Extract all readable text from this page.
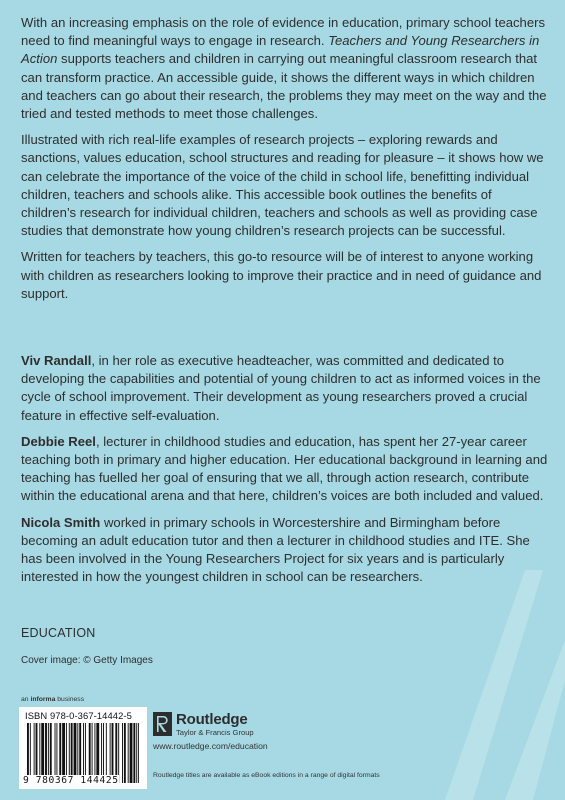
With an increasing emphasis on the role of evidence in education, primary school teachers need to find meaningful ways to engage in research. Teachers and Young Researchers in Action supports teachers and children in carrying out meaningful classroom research that can transform practice. An accessible guide, it shows the different ways in which children and teachers can go about their research, the problems they may meet on the way and the tried and tested methods to meet those challenges.

Illustrated with rich real-life examples of research projects – exploring rewards and sanctions, values education, school structures and reading for pleasure – it shows how we can celebrate the importance of the voice of the child in school life, benefitting individual children, teachers and schools alike. This accessible book outlines the benefits of children’s research for individual children, teachers and schools as well as providing case studies that demonstrate how young children’s research projects can be successful.

Written for teachers by teachers, this go-to resource will be of interest to anyone working with children as researchers looking to improve their practice and in need of guidance and support.

Viv Randall, in her role as executive headteacher, was committed and dedicated to developing the capabilities and potential of young children to act as informed voices in the cycle of school improvement. Their development as young researchers proved a crucial feature in effective self-evaluation.

Debbie Reel, lecturer in childhood studies and education, has spent her 27-year career teaching both in primary and higher education. Her educational background in learning and teaching has fuelled her goal of ensuring that we all, through action research, contribute within the educational arena and that here, children’s voices are both included and valued.

Nicola Smith worked in primary schools in Worcestershire and Birmingham before becoming an adult education tutor and then a lecturer in childhood studies and ITE. She has been involved in the Young Researchers Project for six years and is particularly interested in how the youngest children in school can be researchers.

EDUCATION
Cover image: © Getty Images
an informa business
ISBN 978-0-367-14442-5
9 780367 144425
Routledge
Taylor & Francis Group
www.routledge.com/education
Routledge titles are available as eBook editions in a range of digital formats
